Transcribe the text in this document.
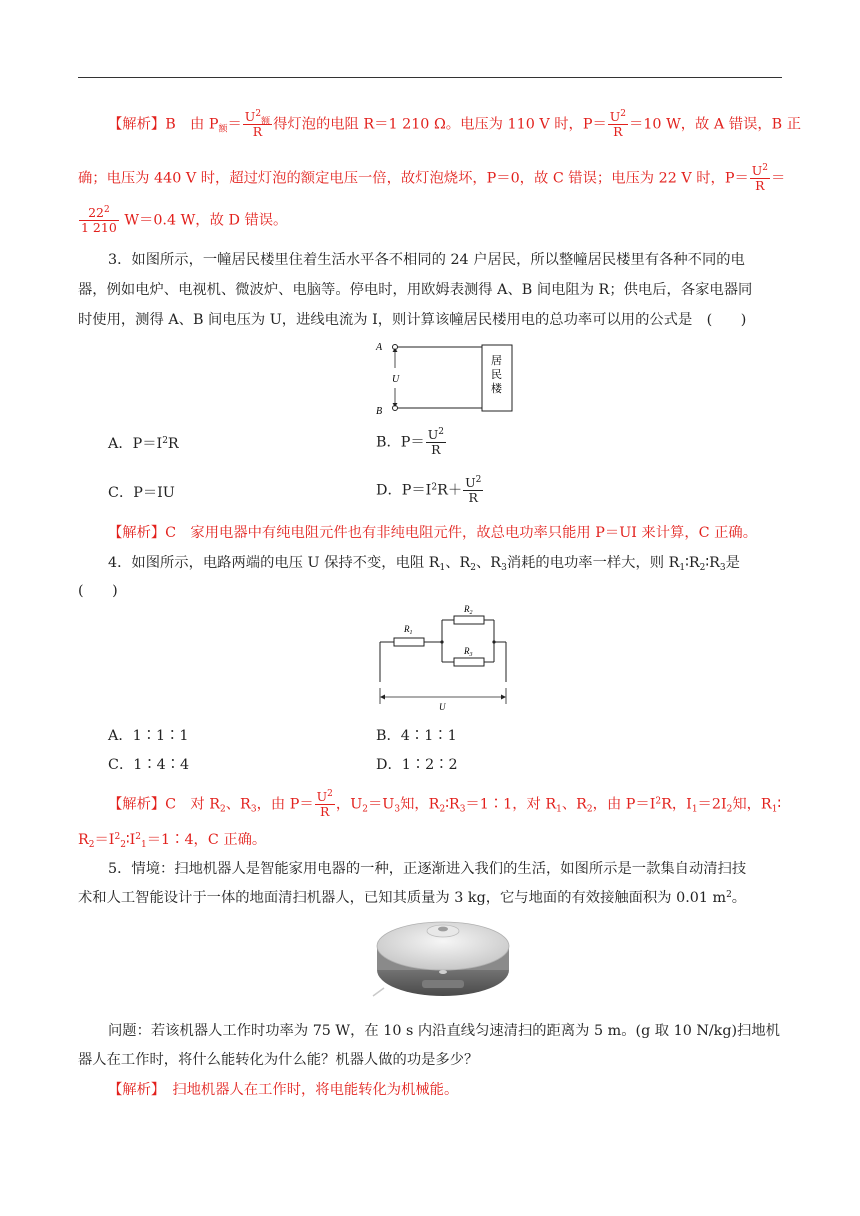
【解析】B　 由 $P_额= \frac{U^2_额}{R}$ 得灯泡的电阻 R＝1 210 Ω。电压为 110 V 时，$P= \frac{U^2}{R} =10$ W，故 A 错误，B 正
确；电压为 440 V 时，超过灯泡的额定电压一倍，故灯泡烧坏，P＝0，故 C 错误；电压为 22 V 时，$P= \frac{U^2}{R}$ ＝
$\frac{22^2}{1 210} W=0.4$ W，故 D 错误。
3．如图所示，一幢居民楼里住着生活水平各不相同的 24 户居民，所以整幢居民楼里有各种不同的电
器，例如电炉、电视机、微波炉、电脑等。停电时，用欧姆表测得 A、B 间电阻为 R；供电后，各家电器同
时使用，测得 A、B 间电压为 U，进线电流为 I，则计算该幢居民楼用电的总功率可以用的公式是　(　　)
A
B
U
居民楼
A．$P=I^2R$	B．$P= \frac{U^2}{R}$
C．P＝IU	D．$P=I^2R+ \frac{U^2}{R}$
【解析】C　家用电器中有纯电阻元件也有非纯电阻元件，故总电功率只能用 P＝UI 来计算，C 正确。
4．如图所示，电路两端的电压 U 保持不变，电阻 $R_1$、$R_2$、$R_3$消耗的电功率一样大，则 $R_1∶R_2∶R_3$是
(　　)
$R_1$
$R_2$
$R_3$
U
A．1∶1∶1	B．4∶1∶1
C．1∶4∶4	D．1∶2∶2
【解析】C　对 $R_2$、$R_3$，由 $P= \frac{U^2}{R}$ ，$U_2=U_3$知，$R_2∶R_3=1∶1$，对 $R_1$、$R_2$，由 $P=I^2R$，$I_1=2I_2$知，$R_1∶$
$R_2=I^2_2∶I^2_1=1∶4$，C 正确。
5．情境：扫地机器人是智能家用电器的一种，正逐渐进入我们的生活，如图所示是一款集自动清扫技
术和人工智能设计于一体的地面清扫机器人，已知其质量为 3 kg，它与地面的有效接触面积为 0.01 $m^2$。
问题：若该机器人工作时功率为 75 W，在 10 s 内沿直线匀速清扫的距离为 5 m。(g 取 10 N/kg)扫地机
器人在工作时，将什么能转化为什么能？机器人做的功是多少？
【解析】　扫地机器人在工作时，将电能转化为机械能。
